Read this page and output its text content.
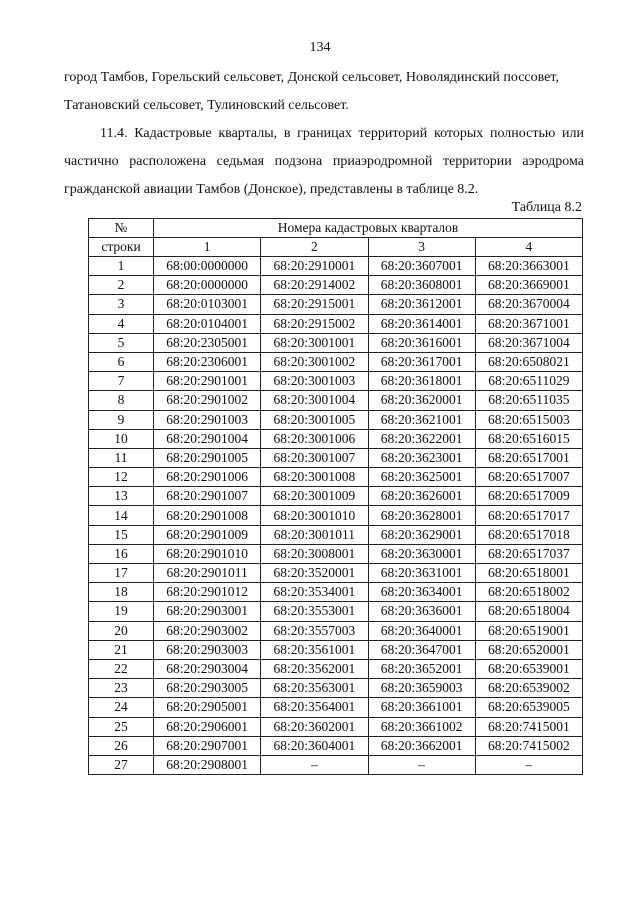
134

город Тамбов, Горельский сельсовет, Донской сельсовет, Новолядинский поссовет, Татановский сельсовет, Тулиновский сельсовет.

11.4. Кадастровые кварталы, в границах территорий которых полностью или частично расположена седьмая подзона приаэродромной территории аэродрома гражданской авиации Тамбов (Донское), представлены в таблице 8.2.

Таблица 8.2
№	Номера кадастровых кварталов			
строки	1	2	3	4
1	68:00:0000000	68:20:2910001	68:20:3607001	68:20:3663001
2	68:20:0000000	68:20:2914002	68:20:3608001	68:20:3669001
3	68:20:0103001	68:20:2915001	68:20:3612001	68:20:3670004
4	68:20:0104001	68:20:2915002	68:20:3614001	68:20:3671001
5	68:20:2305001	68:20:3001001	68:20:3616001	68:20:3671004
6	68:20:2306001	68:20:3001002	68:20:3617001	68:20:6508021
7	68:20:2901001	68:20:3001003	68:20:3618001	68:20:6511029
8	68:20:2901002	68:20:3001004	68:20:3620001	68:20:6511035
9	68:20:2901003	68:20:3001005	68:20:3621001	68:20:6515003
10	68:20:2901004	68:20:3001006	68:20:3622001	68:20:6516015
11	68:20:2901005	68:20:3001007	68:20:3623001	68:20:6517001
12	68:20:2901006	68:20:3001008	68:20:3625001	68:20:6517007
13	68:20:2901007	68:20:3001009	68:20:3626001	68:20:6517009
14	68:20:2901008	68:20:3001010	68:20:3628001	68:20:6517017
15	68:20:2901009	68:20:3001011	68:20:3629001	68:20:6517018
16	68:20:2901010	68:20:3008001	68:20:3630001	68:20:6517037
17	68:20:2901011	68:20:3520001	68:20:3631001	68:20:6518001
18	68:20:2901012	68:20:3534001	68:20:3634001	68:20:6518002
19	68:20:2903001	68:20:3553001	68:20:3636001	68:20:6518004
20	68:20:2903002	68:20:3557003	68:20:3640001	68:20:6519001
21	68:20:2903003	68:20:3561001	68:20:3647001	68:20:6520001
22	68:20:2903004	68:20:3562001	68:20:3652001	68:20:6539001
23	68:20:2903005	68:20:3563001	68:20:3659003	68:20:6539002
24	68:20:2905001	68:20:3564001	68:20:3661001	68:20:6539005
25	68:20:2906001	68:20:3602001	68:20:3661002	68:20:7415001
26	68:20:2907001	68:20:3604001	68:20:3662001	68:20:7415002
27	68:20:2908001	–	–	–
